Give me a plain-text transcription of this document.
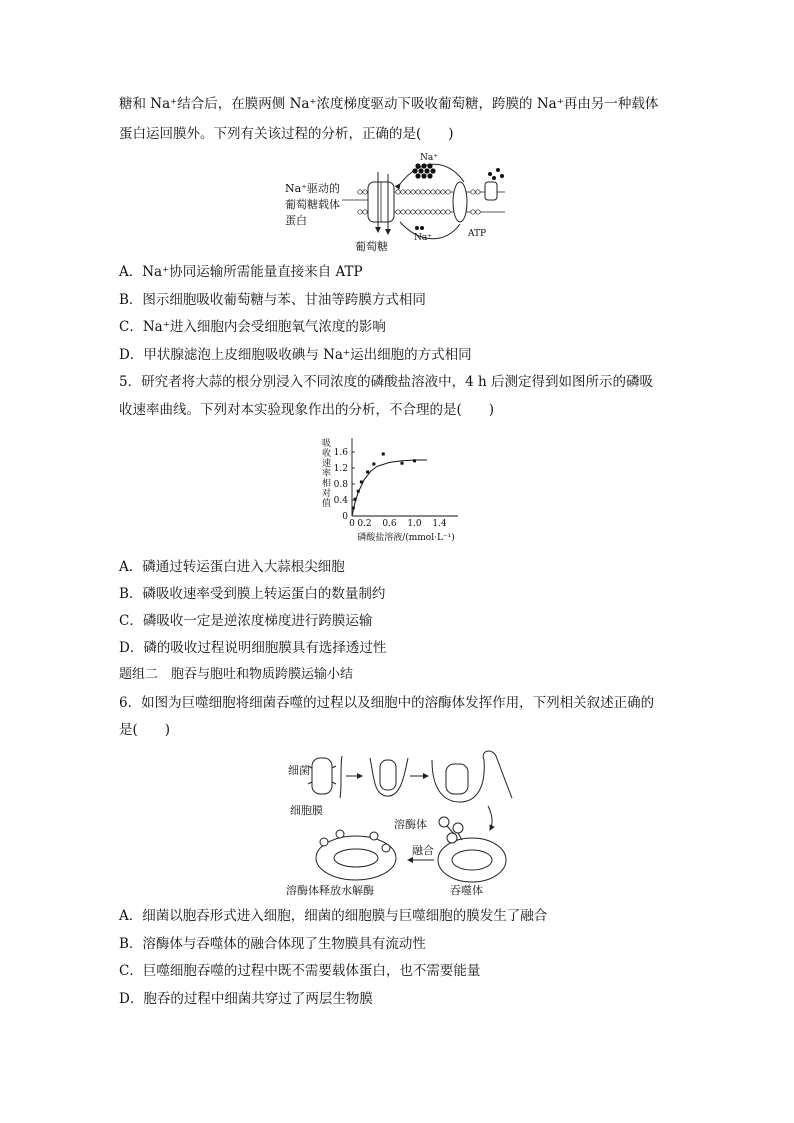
糖和 Na⁺结合后，在膜两侧 Na⁺浓度梯度驱动下吸收葡萄糖，跨膜的 Na⁺再由另一种载体
蛋白运回膜外。下列有关该过程的分析，正确的是(　　)
Na⁺
Na⁺	ATP
Na⁺驱动的
葡萄糖载体
蛋白
葡萄糖
A．Na⁺协同运输所需能量直接来自 ATP
B．图示细胞吸收葡萄糖与苯、甘油等跨膜方式相同
C．Na⁺进入细胞内会受细胞氧气浓度的影响
D．甲状腺滤泡上皮细胞吸收碘与 Na⁺运出细胞的方式相同
5．研究者将大蒜的根分别浸入不同浓度的磷酸盐溶液中，4 h 后测定得到如图所示的磷吸
收速率曲线。下列对本实验现象作出的分析，不合理的是(　　)
0 0.2 0.6 1.0 1.4
0
0.4
0.8
1.2
1.6
磷酸盐溶液/(mmol·L⁻¹)
吸收速率相对值
A．磷通过转运蛋白进入大蒜根尖细胞
B．磷吸收速率受到膜上转运蛋白的数量制约
C．磷吸收一定是逆浓度梯度进行跨膜运输
D．磷的吸收过程说明细胞膜具有选择透过性
题组二　胞吞与胞吐和物质跨膜运输小结
6．如图为巨噬细胞将细菌吞噬的过程以及细胞中的溶酶体发挥作用，下列相关叙述正确的
是(　　)
细菌
细胞膜
溶酶体
融合
吞噬体
溶酶体释放水解酶
A．细菌以胞吞形式进入细胞，细菌的细胞膜与巨噬细胞的膜发生了融合
B．溶酶体与吞噬体的融合体现了生物膜具有流动性
C．巨噬细胞吞噬的过程中既不需要载体蛋白，也不需要能量
D．胞吞的过程中细菌共穿过了两层生物膜
